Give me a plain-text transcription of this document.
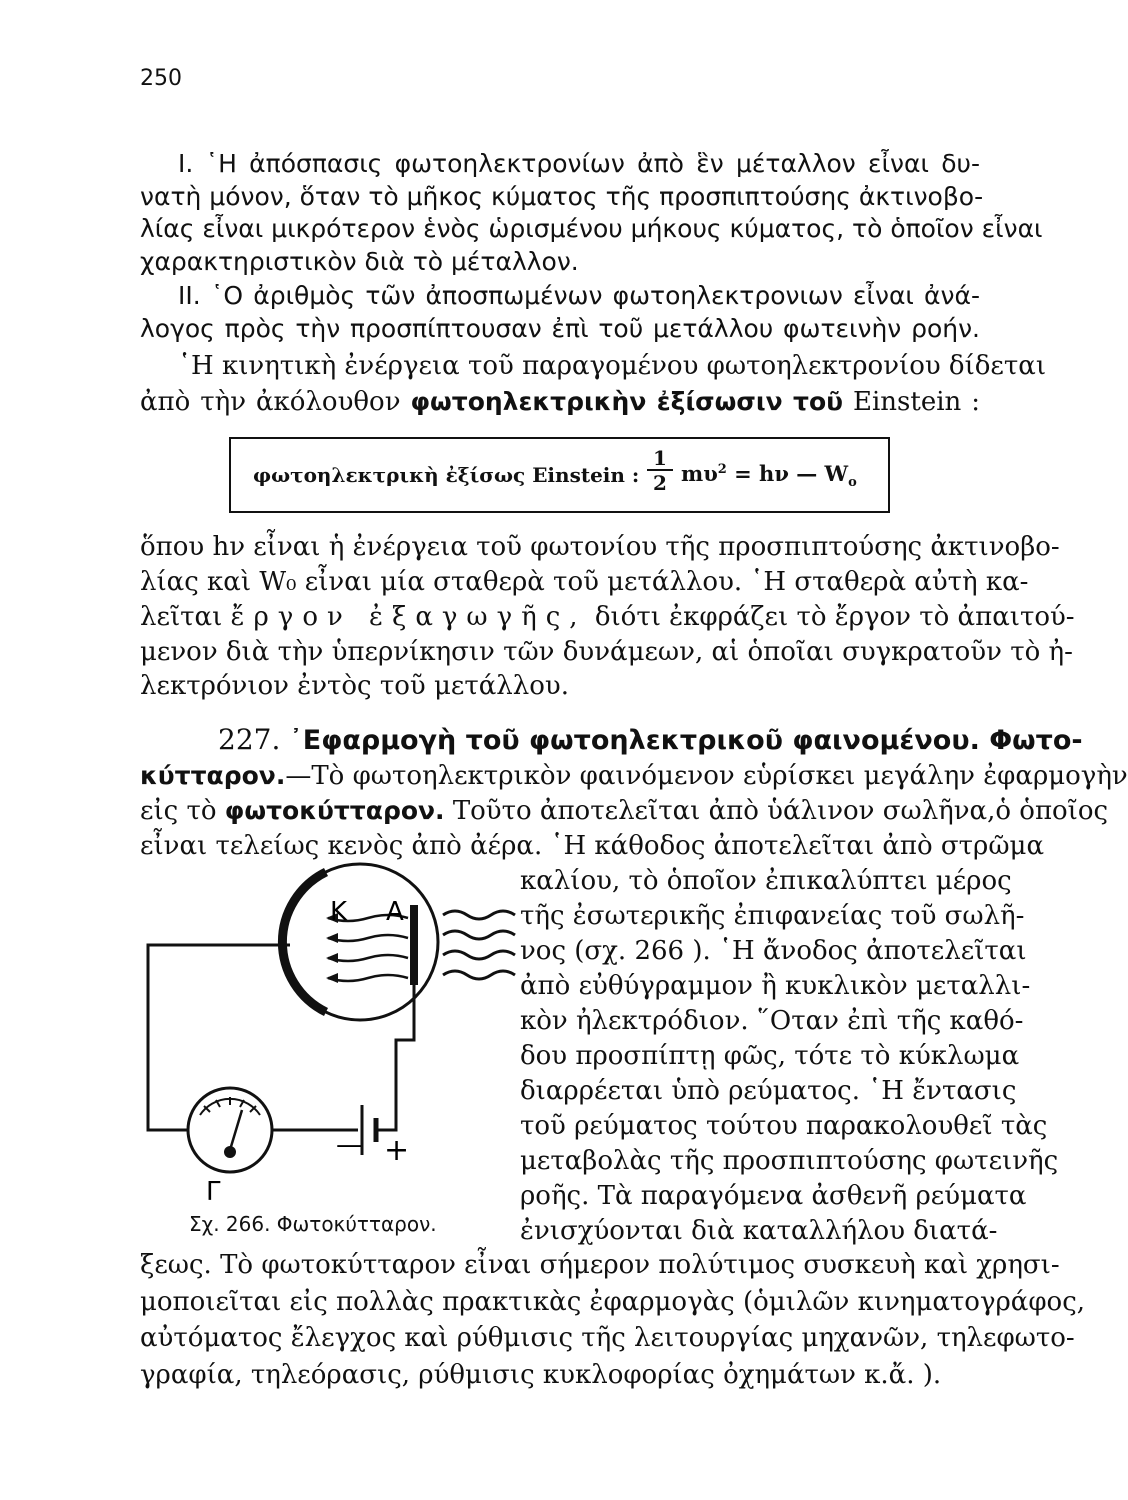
250
I. ῾Η ἀπόσπασις φωτοηλεκτρονίων ἀπὸ ἓν μέταλλον εἶναι δυ-
νατὴ μόνον, ὅταν τὸ μῆκος κύματος τῆς προσπιπτούσης ἀκτινοβο-
λίας εἶναι μικρότερον ἑνὸς ὡρισμένου μήκους κύματος, τὸ ὁποῖον εἶναι
χαρακτηριστικὸν διὰ τὸ μέταλλον.
II. ῾Ο ἀριθμὸς τῶν ἀποσπωμένων φωτοηλεκτρονιων εἶναι ἀνά-
λογος πρὸς τὴν προσπίπτουσαν ἐπὶ τοῦ μετάλλου φωτεινὴν ροήν.
῾Η κινητικὴ ἐνέργεια τοῦ παραγομένου φωτοηλεκτρονίου δίδεται
ἀπὸ τὴν ἀκόλουθον φωτοηλεκτρικὴν ἐξίσωσιν τοῦ Einstein :
φωτοηλεκτρικὴ ἐξίσως Einstein : $\frac{1}{2} m\upsilon^2 = h\nu$ — $W_o$
ὅπου hν εἶναι ἡ ἐνέργεια τοῦ φωτονίου τῆς προσπιπτούσης ἀκτινοβο-
λίας καὶ W₀ εἶναι μία σταθερὰ τοῦ μετάλλου. ῾Η σταθερὰ αὐτὴ κα-
λεῖται ἔργον ἐξαγωγῆς, διότι ἐκφράζει τὸ ἔργον τὸ ἀπαιτού-
μενον διὰ τὴν ὑπερνίκησιν τῶν δυνάμεων, αἱ ὁποῖαι συγκρατοῦν τὸ ἠ-
λεκτρόνιον ἐντὸς τοῦ μετάλλου.
227. ᾿Εφαρμογὴ τοῦ φωτοηλεκτρικοῦ φαινομένου. Φωτο-
κύτταρον.—Τὸ φωτοηλεκτρικὸν φαινόμενον εὑρίσκει μεγάλην ἐφαρμογὴν
εἰς τὸ φωτοκύτταρον. Τοῦτο ἀποτελεῖται ἀπὸ ὑάλινον σωλῆνα,ὁ ὁποῖος
εἶναι τελείως κενὸς ἀπὸ ἀέρα. ῾Η κάθοδος ἀποτελεῖται ἀπὸ στρῶμα
καλίου, τὸ ὁποῖον ἐπικαλύπτει μέρος
τῆς ἐσωτερικῆς ἐπιφανείας τοῦ σωλῆ-
νος (σχ. 266 ). ῾Η ἄνοδος ἀποτελεῖται
ἀπὸ εὐθύγραμμον ἢ κυκλικὸν μεταλλι-
κὸν ἠλεκτρόδιον. ῞Οταν ἐπὶ τῆς καθό-
δου προσπίπτῃ φῶς, τότε τὸ κύκλωμα
διαρρέεται ὑπὸ ρεύματος. ῾Η ἔντασις
τοῦ ρεύματος τούτου παρακολουθεῖ τὰς
μεταβολὰς τῆς προσπιπτούσης φωτεινῆς
ροῆς. Τὰ παραγόμενα ἀσθενῆ ρεύματα
ἐνισχύονται διὰ καταλλήλου διατά-
K A
Γ
— +
Σχ. 266. Φωτοκύτταρον.
ξεως. Τὸ φωτοκύτταρον εἶναι σήμερον πολύτιμος συσκευὴ καὶ χρησι-
μοποιεῖται εἰς πολλὰς πρακτικὰς ἐφαρμογὰς (ὁμιλῶν κινηματογράφος,
αὐτόματος ἔλεγχος καὶ ρύθμισις τῆς λειτουργίας μηχανῶν, τηλεφωτο-
γραφία, τηλεόρασις, ρύθμισις κυκλοφορίας ὀχημάτων κ.ἄ. ).
